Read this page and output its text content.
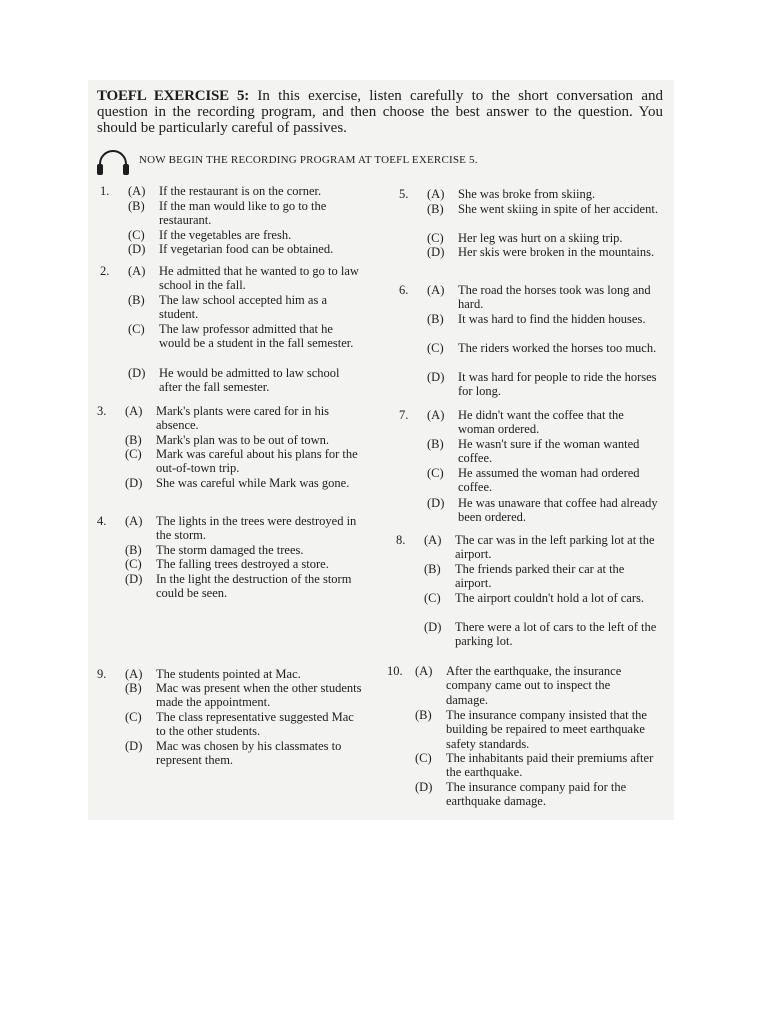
TOEFL EXERCISE 5: In this exercise, listen carefully to the short conversation and question in the recording program, and then choose the best answer to the question. You should be particularly careful of passives.
NOW BEGIN THE RECORDING PROGRAM AT TOEFL EXERCISE 5.
1. (A)	If the restaurant is on the corner.
(B)	If the man would like to go to the restaurant.
(C)	If the vegetables are fresh.
(D)	If vegetarian food can be obtained.
2. (A)	He admitted that he wanted to go to law school in the fall.
(B)	The law school accepted him as a student.
(C)	The law professor admitted that he would be a student in the fall semester.
(D)	He would be admitted to law school after the fall semester.
3. (A)	Mark's plants were cared for in his absence.
(B)	Mark's plan was to be out of town.
(C)	Mark was careful about his plans for the out-of-town trip.
(D)	She was careful while Mark was gone.
4. (A)	The lights in the trees were destroyed in the storm.
(B)	The storm damaged the trees.
(C)	The falling trees destroyed a store.
(D)	In the light the destruction of the storm could be seen.
5. (A)	She was broke from skiing.
(B)	She went skiing in spite of her accident.
(C)	Her leg was hurt on a skiing trip.
(D)	Her skis were broken in the mountains.
6. (A)	The road the horses took was long and hard.
(B)	It was hard to find the hidden houses.
(C)	The riders worked the horses too much.
(D)	It was hard for people to ride the horses for long.
7. (A)	He didn't want the coffee that the woman ordered.
(B)	He wasn't sure if the woman wanted coffee.
(C)	He assumed the woman had ordered coffee.
(D)	He was unaware that coffee had already been ordered.
8. (A)	The car was in the left parking lot at the airport.
(B)	The friends parked their car at the airport.
(C)	The airport couldn't hold a lot of cars.
(D)	There were a lot of cars to the left of the parking lot.
9. (A)	The students pointed at Mac.
(B)	Mac was present when the other students made the appointment.
(C)	The class representative suggested Mac to the other students.
(D)	Mac was chosen by his classmates to represent them.
10. (A)	After the earthquake, the insurance company came out to inspect the damage.
(B)	The insurance company insisted that the building be repaired to meet earthquake safety standards.
(C)	The inhabitants paid their premiums after the earthquake.
(D)	The insurance company paid for the earthquake damage.
